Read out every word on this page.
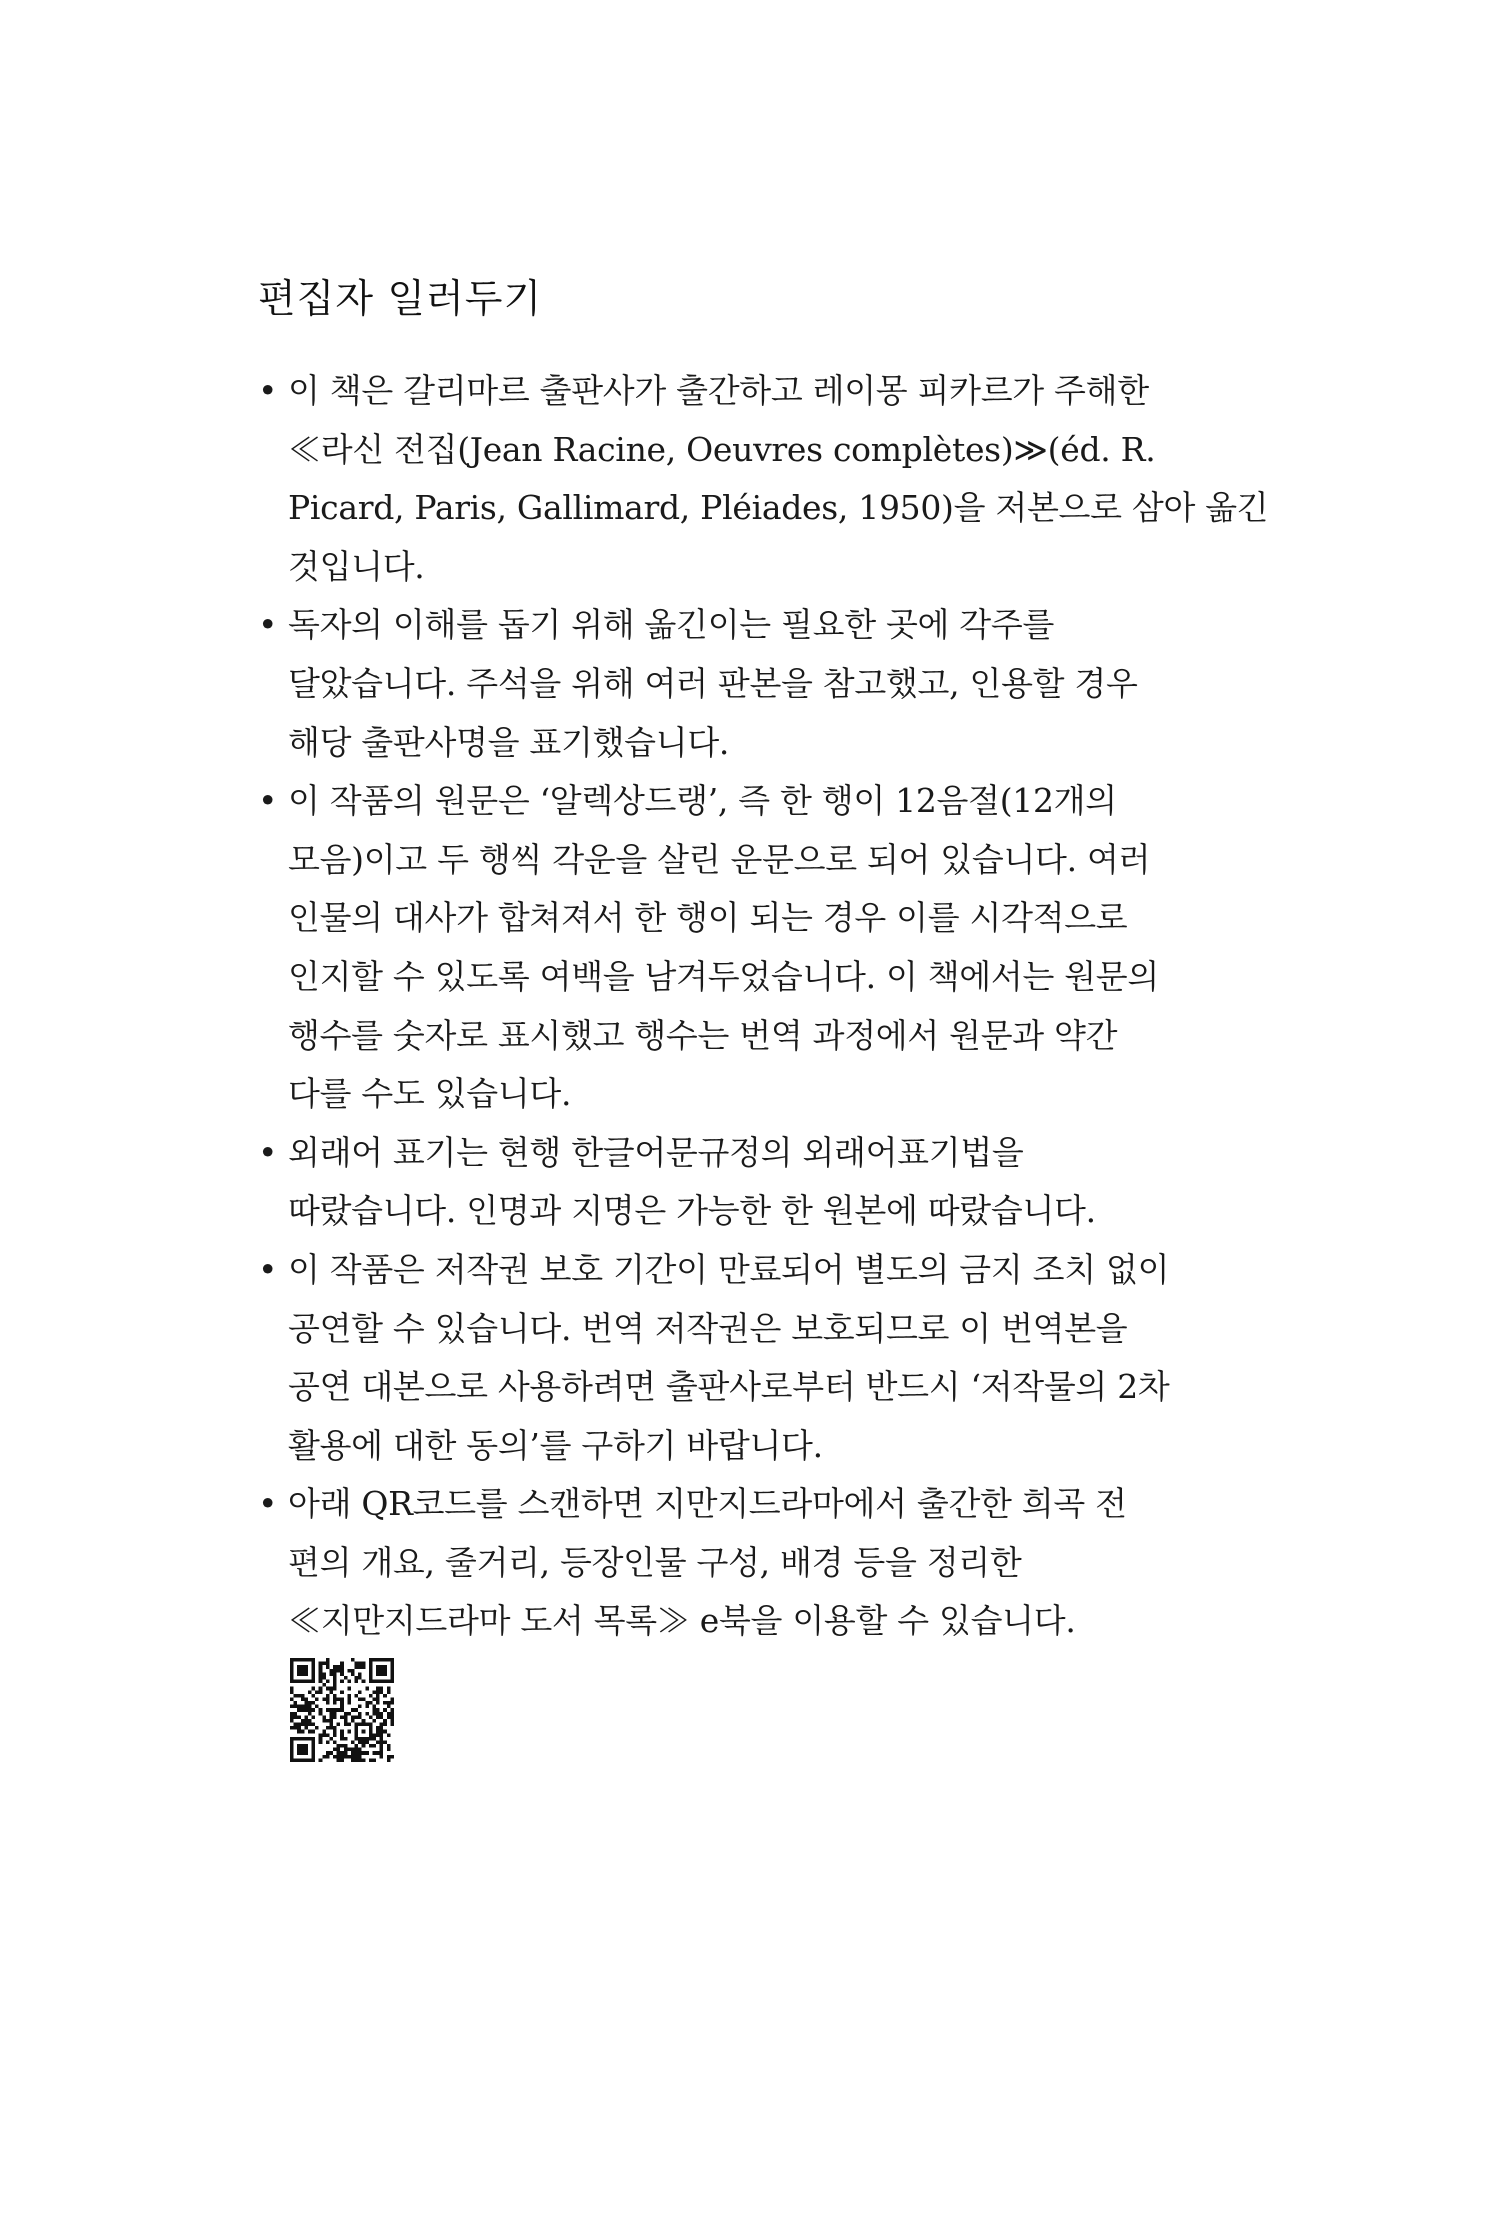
편집자 일러두기
• 이 책은 갈리마르 출판사가 출간하고 레이몽 피카르가 주해한
≪라신 전집(Jean Racine, Oeuvres complètes)≫(éd. R.
Picard, Paris, Gallimard, Pléiades, 1950)을 저본으로 삼아 옮긴
것입니다.
• 독자의 이해를 돕기 위해 옮긴이는 필요한 곳에 각주를
달았습니다. 주석을 위해 여러 판본을 참고했고, 인용할 경우
해당 출판사명을 표기했습니다.
• 이 작품의 원문은 ‘알렉상드랭’, 즉 한 행이 12음절(12개의
모음)이고 두 행씩 각운을 살린 운문으로 되어 있습니다. 여러
인물의 대사가 합쳐져서 한 행이 되는 경우 이를 시각적으로
인지할 수 있도록 여백을 남겨두었습니다. 이 책에서는 원문의
행수를 숫자로 표시했고 행수는 번역 과정에서 원문과 약간
다를 수도 있습니다.
• 외래어 표기는 현행 한글어문규정의 외래어표기법을
따랐습니다. 인명과 지명은 가능한 한 원본에 따랐습니다.
• 이 작품은 저작권 보호 기간이 만료되어 별도의 금지 조치 없이
공연할 수 있습니다. 번역 저작권은 보호되므로 이 번역본을
공연 대본으로 사용하려면 출판사로부터 반드시 ‘저작물의 2차
활용에 대한 동의’를 구하기 바랍니다.
• 아래 QR코드를 스캔하면 지만지드라마에서 출간한 희곡 전
편의 개요, 줄거리, 등장인물 구성, 배경 등을 정리한
≪지만지드라마 도서 목록≫ e북을 이용할 수 있습니다.
